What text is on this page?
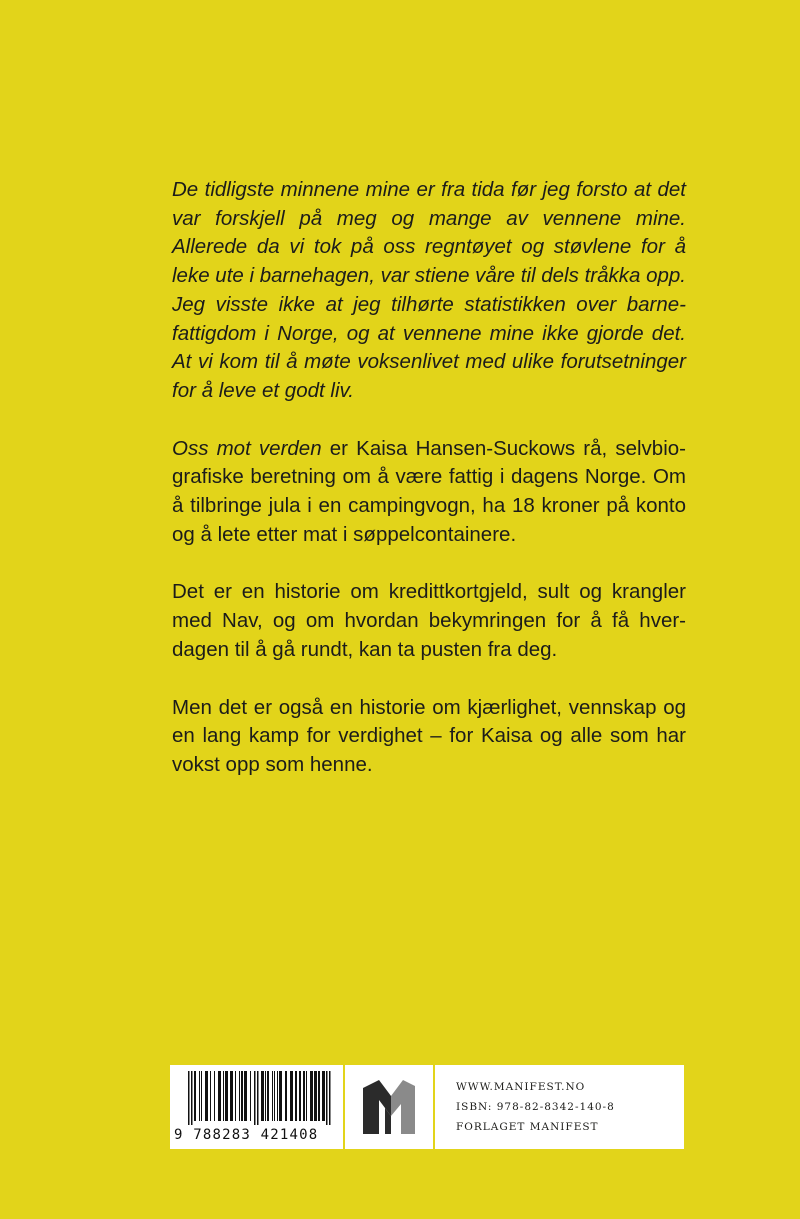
De tidligste minnene mine er fra tida før jeg forsto at det var forskjell på meg og mange av vennene mine. Allerede da vi tok på oss regntøyet og støvlene for å leke ute i barnehagen, var stiene våre til dels tråkka opp. Jeg visste ikke at jeg tilhørte statistikken over barnefattigdom i Norge, og at vennene mine ikke gjorde det. At vi kom til å møte voksenlivet med ulike forutsetninger for å leve et godt liv.

Oss mot verden er Kaisa Hansen-Suckows rå, selvbiografiske beretning om å være fattig i dagens Norge. Om å tilbringe jula i en campingvogn, ha 18 kroner på konto og å lete etter mat i søppelcontainere.

Det er en historie om kredittkortgjeld, sult og krangler med Nav, og om hvordan bekymringen for å få hverdagen til å gå rundt, kan ta pusten fra deg.

Men det er også en historie om kjærlighet, vennskap og en lang kamp for verdighet – for Kaisa og alle som har vokst opp som henne.

9 788283 421408
WWW.MANIFEST.NO
ISBN: 978-82-8342-140-8
FORLAGET MANIFEST
